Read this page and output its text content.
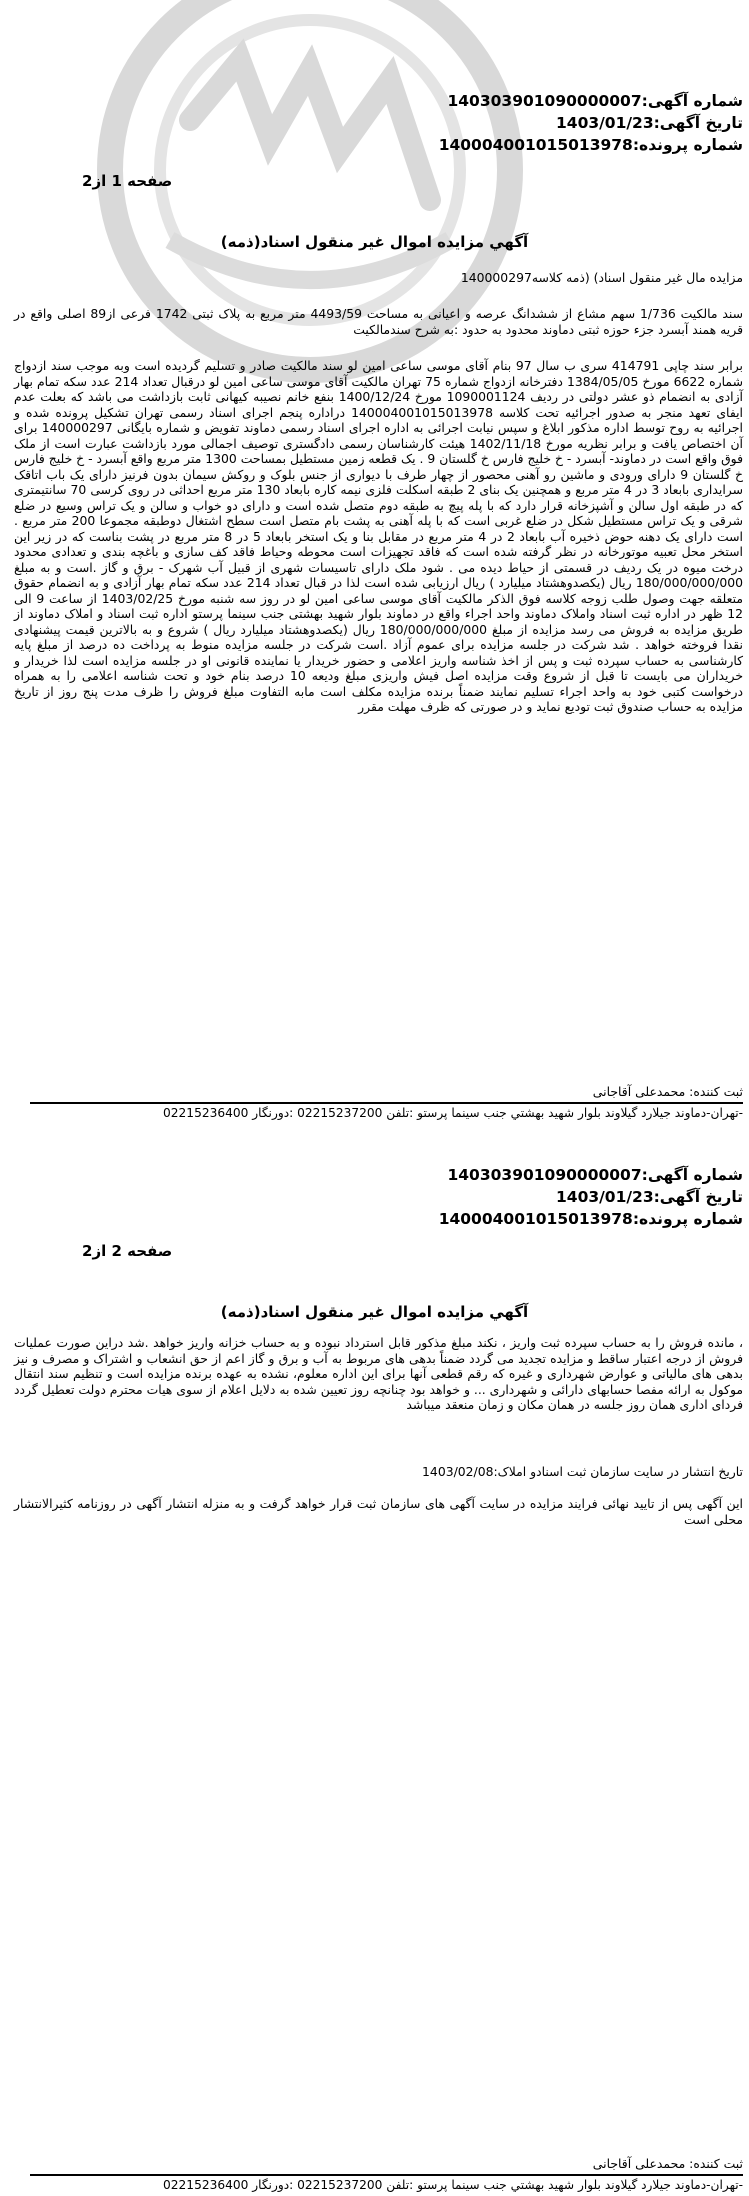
شماره آگهی:140303901090000007
تاریخ آگهی:1403/01/23
شماره پرونده:140004001015013978
صفحه 1 از2
آگهي مزايده اموال غير منقول اسناد(ذمه)
مزایده مال غیر منقول اسناد) (ذمه کلاسه140000297
سند مالکیت 1/736 سهم مشاع از ششدانگ عرصه و اعیانی به مساحت 4493/59 متر مربع به پلاک ثبتی 1742 فرعی از89 اصلی واقع در قریه همند آبسرد جزء حوزه ثبتی دماوند محدود به حدود :به شرح سندمالکیت
برابر سند چاپی 414791 سری ب سال 97 بنام آقای موسی ساعی امین لو سند مالکیت صادر و تسلیم گردیده است وبه موجب سند ازدواج شماره 6622 مورخ 1384/05/05 دفترخانه ازدواج شماره 75 تهران مالکیت آقای موسی ساعی امین لو درقبال تعداد 214 عدد سکه تمام بهار آزادی به انضمام ذو عشر دولتی در ردیف 1090001124 مورخ 1400/12/24 بنفع خانم نصیبه کیهانی ثابت بازداشت می باشد که بعلت عدم ایفای تعهد منجر به صدور اجرائیه تحت کلاسه 140004001015013978 دراداره پنجم اجرای اسناد رسمی تهران تشکیل پرونده شده و اجرائیه به روح توسط اداره مذکور ابلاغ و سپس نیابت اجرائی به اداره اجرای اسناد رسمی دماوند تفویض و شماره بایگانی 140000297 برای آن اختصاص یافت و برابر نظریه مورخ 1402/11/18 هیئت کارشناسان رسمی دادگستری توصیف اجمالی مورد بازداشت عبارت است از ملک فوق واقع است در دماوند- آبسرد - خ خلیج فارس خ گلستان 9 . یک قطعه زمین مستطیل بمساحت 1300 متر مربع واقع آبسرد - خ خلیج فارس خ گلستان 9 دارای ورودی و ماشین رو آهنی محصور از چهار طرف با دیواری از جنس بلوک و روکش سیمان بدون فرنیز دارای یک باب اتاقک سرایداری بابعاد 3 در 4 متر مربع و همچنین یک بنای 2 طبقه اسکلت فلزی نیمه کاره بابعاد 130 متر مربع احداثی در روی کرسی 70 سانتیمتری که در طبقه اول سالن و آشپزخانه قرار دارد که با پله پیچ به طبقه دوم متصل شده است و دارای دو خواب و سالن و یک تراس وسیع در ضلع شرقی و یک تراس مستطیل شکل در ضلع غربی است که با پله آهنی به پشت بام متصل است سطح اشتغال دوطبقه مجموعا 200 متر مربع . است دارای یک دهنه حوض ذخیره آب بابعاد 2 در 4 متر مربع در مقابل بنا و یک استخر بابعاد 5 در 8 متر مربع در پشت بناست که در زیر این استخر محل تعبیه موتورخانه در نظر گرفته شده است که فاقد تجهیزات است محوطه وحیاط فاقد کف سازی و باغچه بندی و تعدادی محدود درخت میوه در یک ردیف در قسمتی از حیاط دیده می . شود ملک دارای تاسیسات شهری از قبیل آب شهرک - برق و گاز .است و به مبلغ 180/000/000/000 ریال (یکصدوهشتاد میلیارد ) ریال ارزیابی شده است لذا در قبال تعداد 214 عدد سکه تمام بهار آزادی و به انضمام حقوق متعلقه جهت وصول طلب زوجه کلاسه فوق الذکر مالکیت آقای موسی ساعی امین لو در روز سه شنبه مورخ 1403/02/25 از ساعت 9 الی 12 ظهر در اداره ثبت اسناد واملاک دماوند واحد اجراء واقع در دماوند بلوار شهید بهشتی جنب سینما پرستو اداره ثبت اسناد و املاک دماوند از طریق مزایده به فروش می رسد مزایده از مبلغ 180/000/000/000 ریال (یکصدوهشتاد میلیارد ریال ) شروع و به بالاترین قیمت پیشنهادی نقدا فروخته خواهد . شد شرکت در جلسه مزایده برای عموم آزاد .است شرکت در جلسه مزایده منوط به پرداخت ده درصد از مبلغ پایه کارشناسی به حساب سپرده ثبت و پس از اخذ شناسه واریز اعلامی و حضور خریدار یا نماینده قانونی او در جلسه مزایده است لذا خریدار و خریداران می بایست تا قبل از شروع وقت مزایده اصل فیش واریزی مبلغ ودیعه 10 درصد بنام خود و تحت شناسه اعلامی را به همراه درخواست کتبی خود به واحد اجراء تسلیم نمایند ضمناً برنده مزایده مکلف است مابه التفاوت مبلغ فروش را ظرف مدت پنج روز از تاریخ مزایده به حساب صندوق ثبت تودیع نماید و در صورتی که ظرف مهلت مقرر
ثبت کننده: محمدعلی آقاجانی
-تهران-دماوند جیلارد گیلاوند بلوار شهید بهشتي جنب سینما پرستو :تلفن 02215237200 :دورنگار 02215236400
شماره آگهی:140303901090000007
تاریخ آگهی:1403/01/23
شماره پرونده:140004001015013978
صفحه 2 از2
آگهي مزايده اموال غير منقول اسناد(ذمه)
، مانده فروش را به حساب سپرده ثبت واریز ، نکند مبلغ مذکور قابل استرداد نبوده و به حساب خزانه واریز خواهد .شد دراین صورت عملیات فروش از درجه اعتبار ساقط و مزایده تجدید می گردد ضمناً بدهی های مربوط به آب و برق و گاز اعم از حق انشعاب و اشتراک و مصرف و نیز بدهی های مالیاتی و عوارض شهرداری و غیره که رقم قطعی آنها برای این اداره معلوم، نشده به عهده برنده مزایده است و تنظیم سند انتقال موکول به ارائه مفصا حسابهای دارائی و شهرداری ... و خواهد بود چنانچه روز تعیین شده به دلایل اعلام از سوی هیات محترم دولت تعطیل گردد فردای اداری همان روز جلسه در همان مکان و زمان منعقد میباشد
تاریخ انتشار در سایت سازمان ثبت اسنادو املاک:1403/02/08
این آگهی پس از تایید نهائی فرایند مزایده در سایت آگهی های سازمان ثبت قرار خواهد گرفت و به منزله انتشار آگهی در روزنامه کثیرالانتشار محلی است
ثبت کننده: محمدعلی آقاجانی
-تهران-دماوند جیلارد گیلاوند بلوار شهید بهشتي جنب سینما پرستو :تلفن 02215237200 :دورنگار 02215236400
